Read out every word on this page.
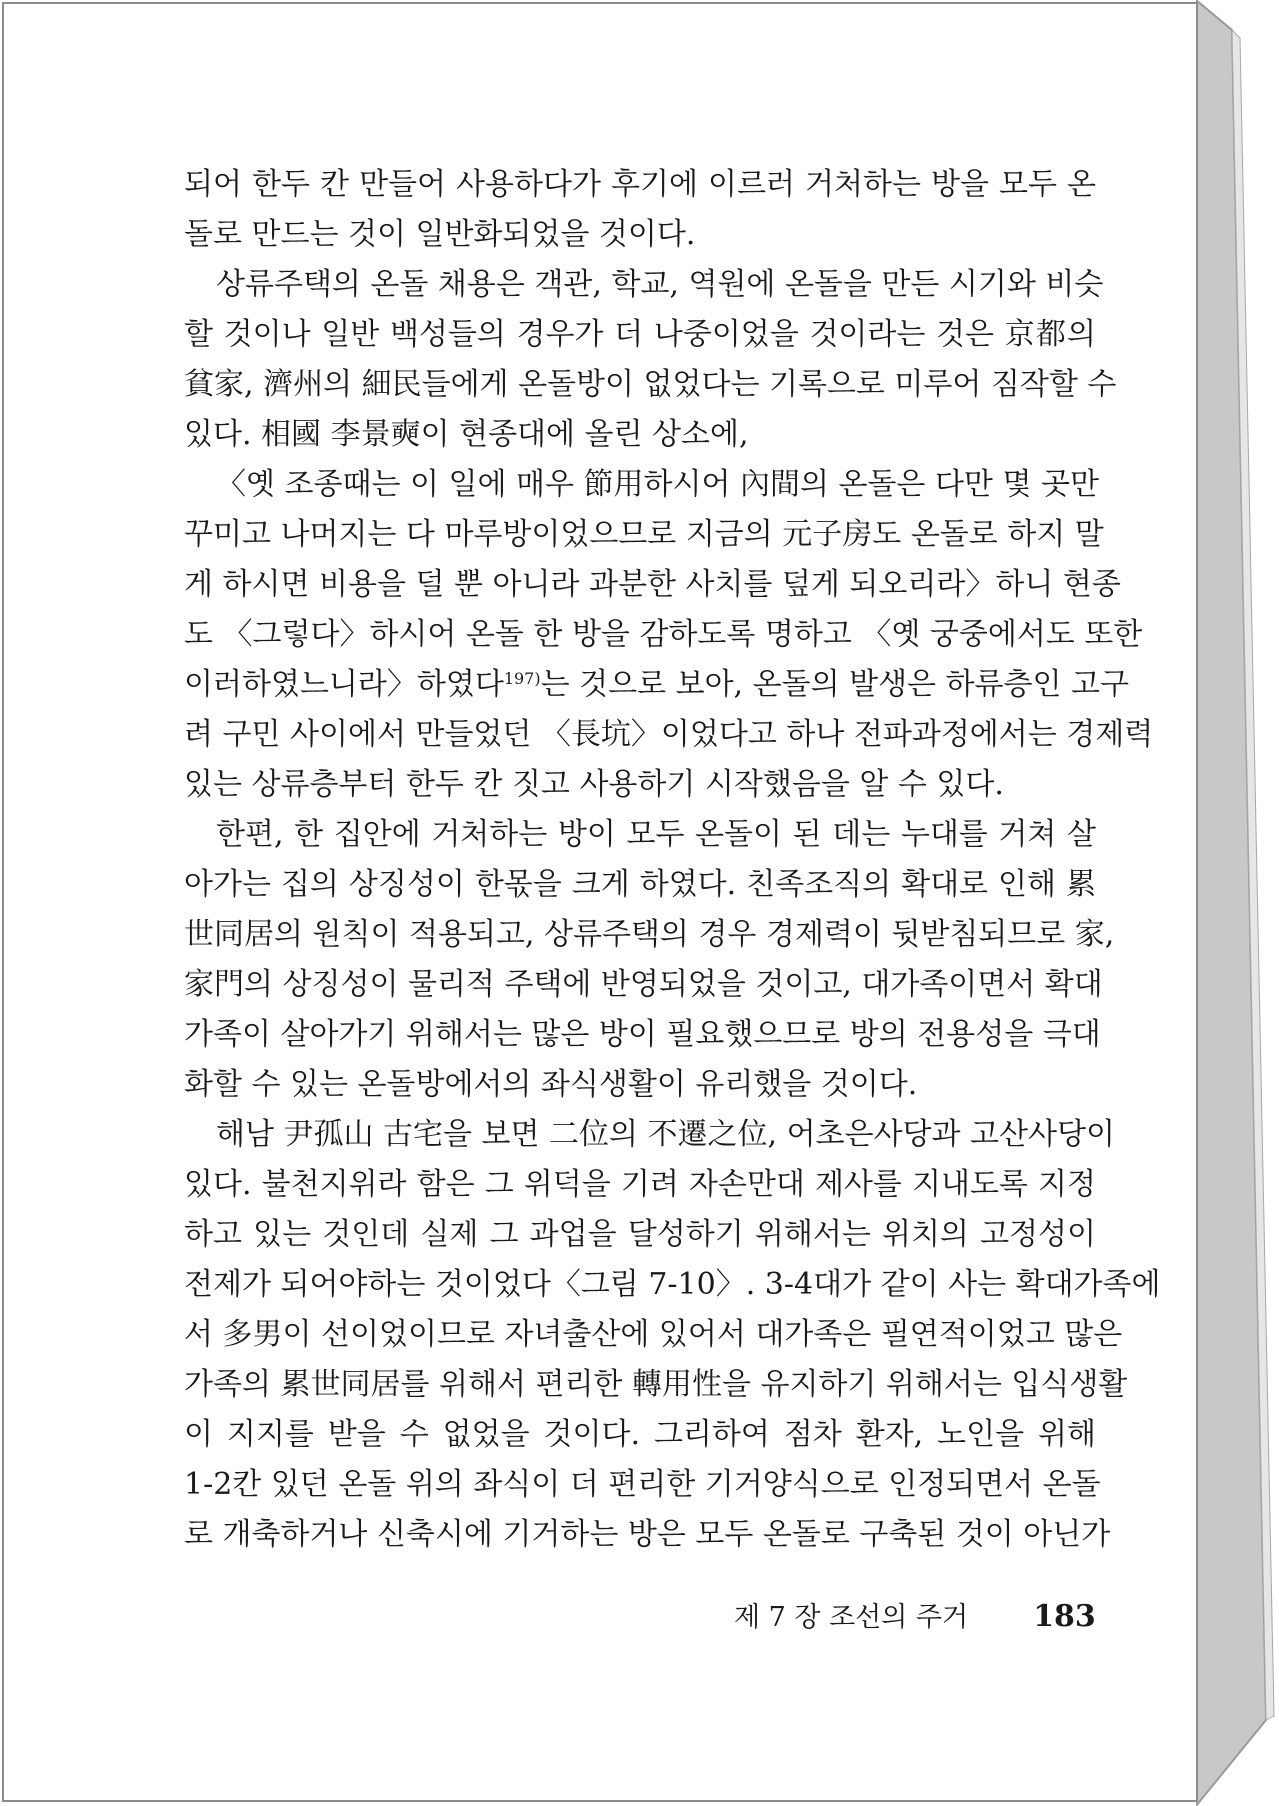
되어 한두 칸 만들어 사용하다가 후기에 이르러 거처하는 방을 모두 온
돌로 만드는 것이 일반화되었을 것이다.
상류주택의 온돌 채용은 객관, 학교, 역원에 온돌을 만든 시기와 비슷
할 것이나 일반 백성들의 경우가 더 나중이었을 것이라는 것은 京都의
貧家, 濟州의 細民들에게 온돌방이 없었다는 기록으로 미루어 짐작할 수
있다. 相國 李景奭이 현종대에 올린 상소에,
〈옛 조종때는 이 일에 매우 節用하시어 內間의 온돌은 다만 몇 곳만
꾸미고 나머지는 다 마루방이었으므로 지금의 元子房도 온돌로 하지 말
게 하시면 비용을 덜 뿐 아니라 과분한 사치를 덮게 되오리라〉하니 현종
도 〈그렇다〉하시어 온돌 한 방을 감하도록 명하고 〈옛 궁중에서도 또한
이러하였느니라〉하였다$^{197)}$는 것으로 보아, 온돌의 발생은 하류층인 고구
려 구민 사이에서 만들었던 〈長坑〉이었다고 하나 전파과정에서는 경제력
있는 상류층부터 한두 칸 짓고 사용하기 시작했음을 알 수 있다.
한편, 한 집안에 거처하는 방이 모두 온돌이 된 데는 누대를 거쳐 살
아가는 집의 상징성이 한몫을 크게 하였다. 친족조직의 확대로 인해 累
世同居의 원칙이 적용되고, 상류주택의 경우 경제력이 뒷받침되므로 家,
家門의 상징성이 물리적 주택에 반영되었을 것이고, 대가족이면서 확대
가족이 살아가기 위해서는 많은 방이 필요했으므로 방의 전용성을 극대
화할 수 있는 온돌방에서의 좌식생활이 유리했을 것이다.
해남 尹孤山 古宅을 보면 二位의 不遷之位, 어초은사당과 고산사당이
있다. 불천지위라 함은 그 위덕을 기려 자손만대 제사를 지내도록 지정
하고 있는 것인데 실제 그 과업을 달성하기 위해서는 위치의 고정성이
전제가 되어야하는 것이었다〈그림 7-10〉. 3-4대가 같이 사는 확대가족에
서 多男이 선이었이므로 자녀출산에 있어서 대가족은 필연적이었고 많은
가족의 累世同居를 위해서 편리한 轉用性을 유지하기 위해서는 입식생활
이 지지를 받을 수 없었을 것이다. 그리하여 점차 환자, 노인을 위해
1-2칸 있던 온돌 위의 좌식이 더 편리한 기거양식으로 인정되면서 온돌
로 개축하거나 신축시에 기거하는 방은 모두 온돌로 구축된 것이 아닌가
제 7 장 조선의 주거 183
